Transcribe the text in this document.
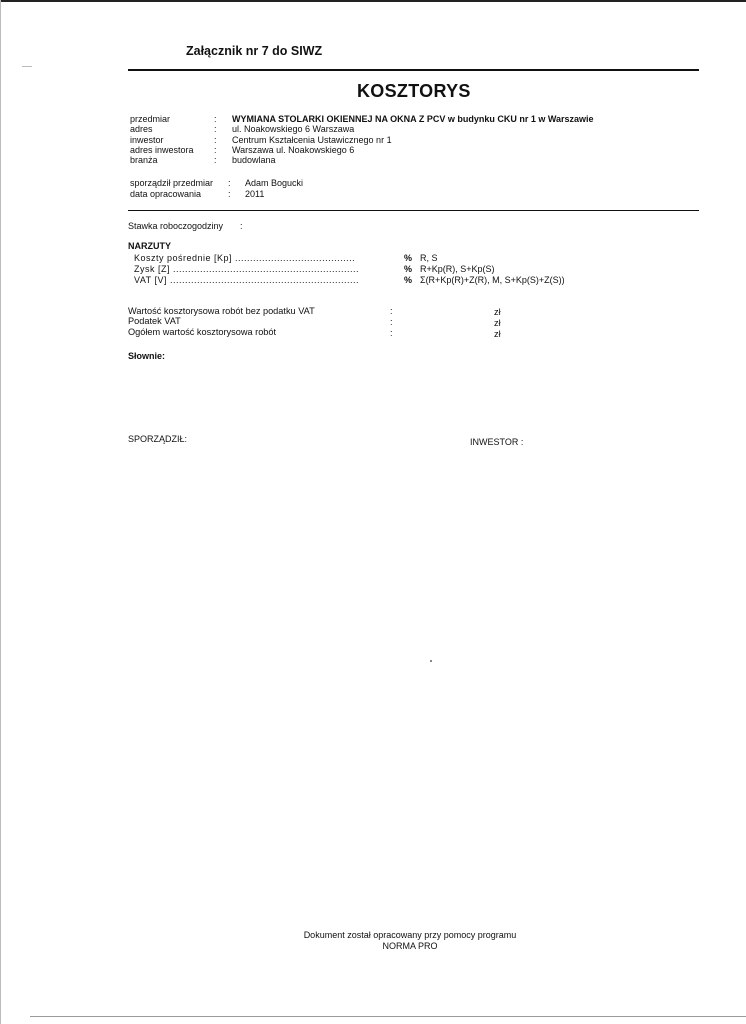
Załącznik nr 7 do SIWZ
KOSZTORYS
przedmiar	: WYMIANA STOLARKI OKIENNEJ NA OKNA Z PCV w budynku CKU nr 1 w Warszawie
adres	: ul. Noakowskiego 6 Warszawa
inwestor	: Centrum Kształcenia Ustawicznego nr 1
adres inwestora : Warszawa ul. Noakowskiego 6
branża	: budowlana
sporządził przedmiar : Adam Bogucki
data opracowania	: 2011
Stawka roboczogodziny :
NARZUTY
Koszty pośrednie [Kp] ........................................	% R, S
Zysk [Z] ..............................................................	% R+Kp(R), S+Kp(S)
VAT [V] ...............................................................	% Σ(R+Kp(R)+Z(R), M, S+Kp(S)+Z(S))
Wartość kosztorysowa robót bez podatku VAT	:	zł
Podatek VAT	:	zł
Ogółem wartość kosztorysowa robót	:	zł
Słownie:
SPORZĄDZIŁ:	INWESTOR :
Dokument został opracowany przy pomocy programu
NORMA PRO
